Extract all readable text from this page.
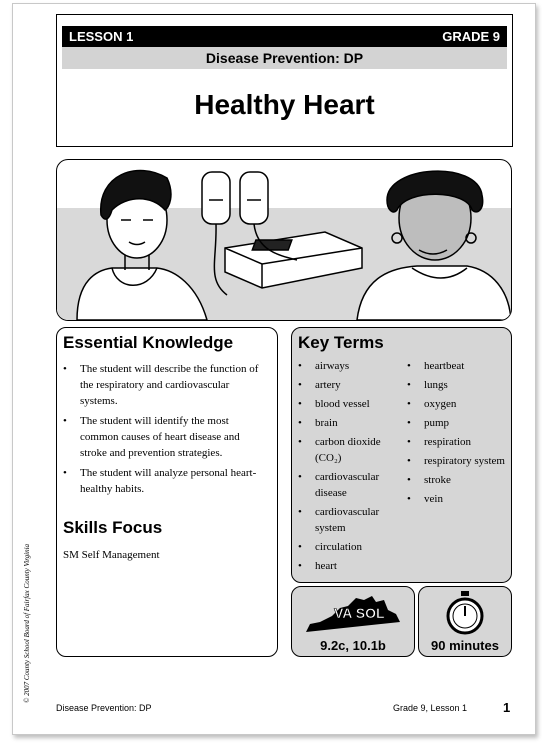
LESSON 1	GRADE 9
Disease Prevention: DP
Healthy Heart
Essential Knowledge
• The student will describe the function of the respiratory and cardiovascular systems.
• The student will identify the most common causes of heart disease and stroke and prevention strategies.
• The student will analyze personal heart-healthy habits.
Skills Focus
SM Self Management
Key Terms
• airways
• artery
• blood vessel
• brain
• carbon dioxide (CO₂)
• cardiovascular disease
• cardiovascular system
• circulation
• heart
• heartbeat
• lungs
• oxygen
• pump
• respiration
• respiratory system
• stroke
• vein
VA SOL
9.2c, 10.1b	90 minutes
© 2007 County School Board of Fairfax County Virginia
Disease Prevention: DP	Grade 9, Lesson 1	1
